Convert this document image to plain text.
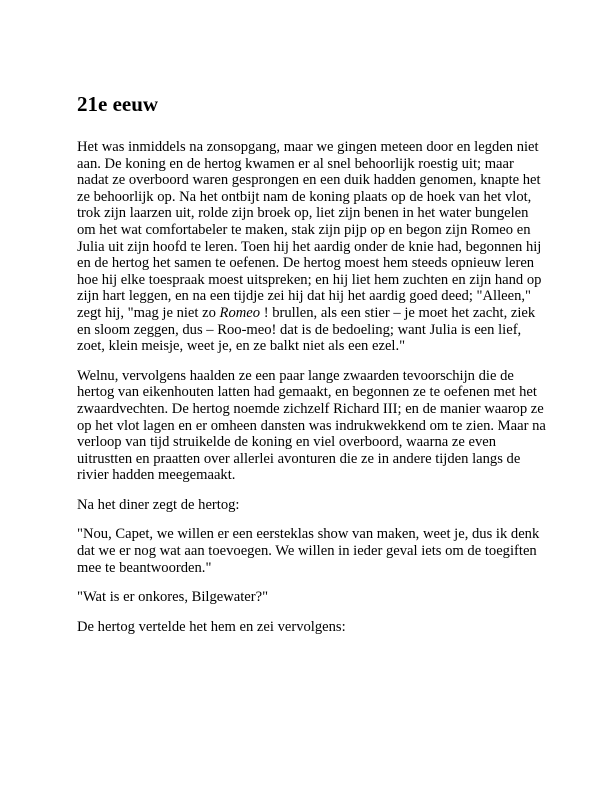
21e eeuw

Het was inmiddels na zonsopgang, maar we gingen meteen door en legden niet aan. De koning en de hertog kwamen er al snel behoorlijk roestig uit; maar nadat ze overboord waren gesprongen en een duik hadden genomen, knapte het ze behoorlijk op. Na het ontbijt nam de koning plaats op de hoek van het vlot, trok zijn laarzen uit, rolde zijn broek op, liet zijn benen in het water bungelen om het wat comfortabeler te maken, stak zijn pijp op en begon zijn Romeo en Julia uit zijn hoofd te leren. Toen hij het aardig onder de knie had, begonnen hij en de hertog het samen te oefenen. De hertog moest hem steeds opnieuw leren hoe hij elke toespraak moest uitspreken; en hij liet hem zuchten en zijn hand op zijn hart leggen, en na een tijdje zei hij dat hij het aardig goed deed; "Alleen," zegt hij, "mag je niet zo Romeo ! brullen, als een stier – je moet het zacht, ziek en sloom zeggen, dus – Roo-meo! dat is de bedoeling; want Julia is een lief, zoet, klein meisje, weet je, en ze balkt niet als een ezel."

Welnu, vervolgens haalden ze een paar lange zwaarden tevoorschijn die de hertog van eikenhouten latten had gemaakt, en begonnen ze te oefenen met het zwaardvechten. De hertog noemde zichzelf Richard III; en de manier waarop ze op het vlot lagen en er omheen dansten was indrukwekkend om te zien. Maar na verloop van tijd struikelde de koning en viel overboord, waarna ze even uitrustten en praatten over allerlei avonturen die ze in andere tijden langs de rivier hadden meegemaakt.

Na het diner zegt de hertog:

"Nou, Capet, we willen er een eersteklas show van maken, weet je, dus ik denk dat we er nog wat aan toevoegen. We willen in ieder geval iets om de toegiften mee te beantwoorden."

"Wat is er onkores, Bilgewater?"

De hertog vertelde het hem en zei vervolgens:
